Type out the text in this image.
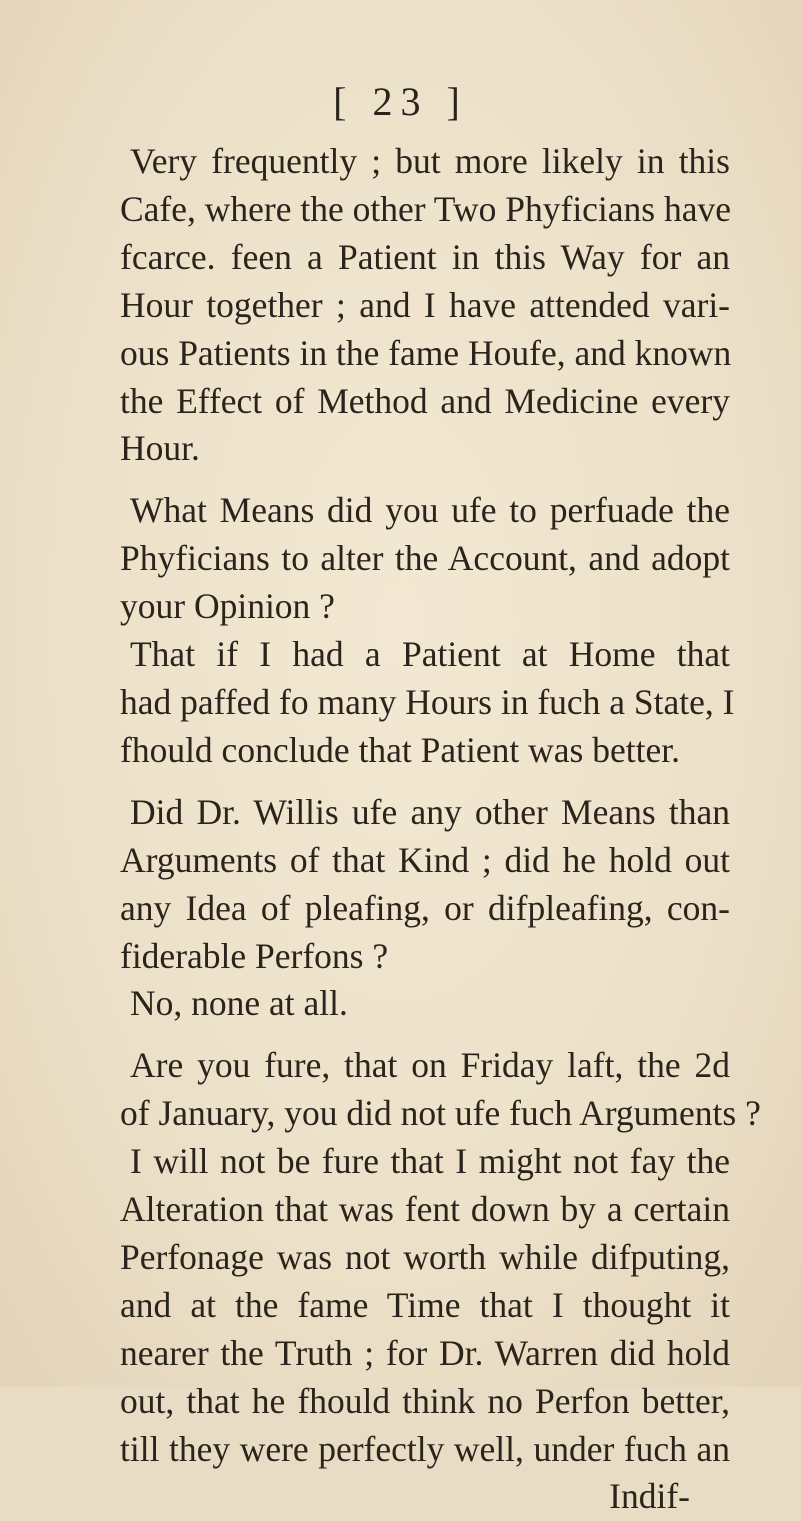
[ 23 ]
Very frequently ; but more likely in this
Cafe, where the other Two Phyficians have
fcarce. feen a Patient in this Way for an
Hour together ; and I have attended vari-
ous Patients in the fame Houfe, and known
the Effect of Method and Medicine every
Hour.
What Means did you ufe to perfuade the
Phyficians to alter the Account, and adopt
your Opinion ?
That if I had a Patient at Home that
had paffed fo many Hours in fuch a State, I
fhould conclude that Patient was better.
Did Dr. Willis ufe any other Means than
Arguments of that Kind ; did he hold out
any Idea of pleafing, or difpleafing, con-
fiderable Perfons ?
No, none at all.
Are you fure, that on Friday laft, the 2d
of January, you did not ufe fuch Arguments ?
I will not be fure that I might not fay the
Alteration that was fent down by a certain
Perfonage was not worth while difputing,
and at the fame Time that I thought it
nearer the Truth ; for Dr. Warren did hold
out, that he fhould think no Perfon better,
till they were perfectly well, under fuch an
Indif-
